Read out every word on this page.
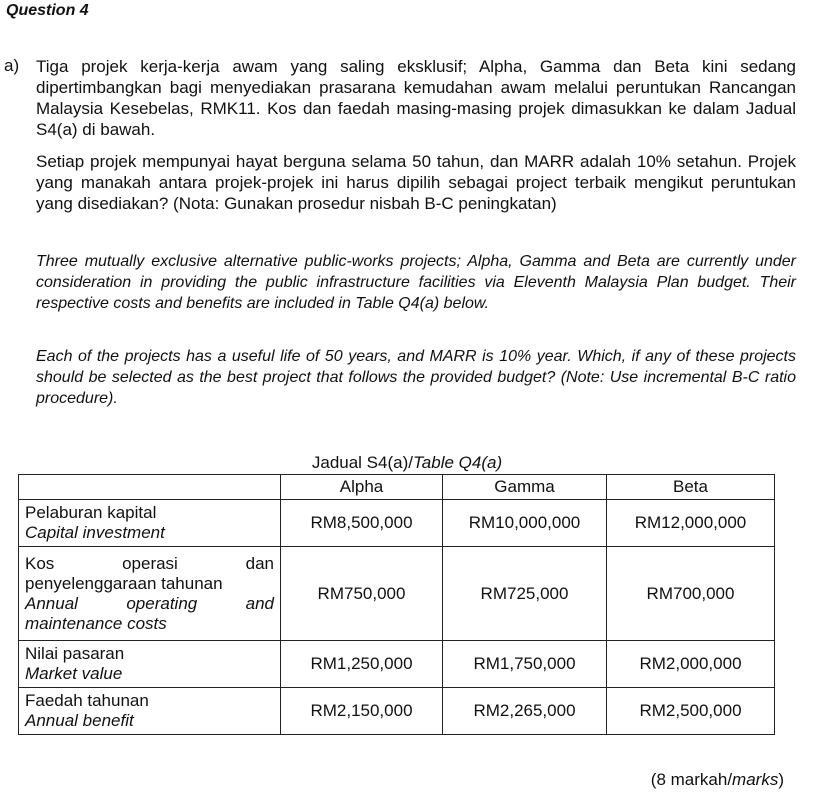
Question 4
a) Tiga projek kerja-kerja awam yang saling eksklusif; Alpha, Gamma dan Beta kini sedang dipertimbangkan bagi menyediakan prasarana kemudahan awam melalui peruntukan Rancangan Malaysia Kesebelas, RMK11. Kos dan faedah masing-masing projek dimasukkan ke dalam Jadual S4(a) di bawah.

Setiap projek mempunyai hayat berguna selama 50 tahun, dan MARR adalah 10% setahun. Projek yang manakah antara projek-projek ini harus dipilih sebagai project terbaik mengikut peruntukan yang disediakan? (Nota: Gunakan prosedur nisbah B-C peningkatan)

Three mutually exclusive alternative public-works projects; Alpha, Gamma and Beta are currently under consideration in providing the public infrastructure facilities via Eleventh Malaysia Plan budget. Their respective costs and benefits are included in Table Q4(a) below.

Each of the projects has a useful life of 50 years, and MARR is 10% year. Which, if any of these projects should be selected as the best project that follows the provided budget? (Note: Use incremental B-C ratio procedure).

Jadual S4(a)/Table Q4(a)
	Alpha	Gamma	Beta

Pelaburan kapital
Capital investment	RM8,500,000	RM10,000,000	RM12,000,000

Kos operasi dan
penyelenggaraan tahunan
Annual operating and
maintenance costs	RM750,000	RM725,000	RM700,000

Nilai pasaran
Market value	RM1,250,000	RM1,750,000	RM2,000,000

Faedah tahunan
Annual benefit	RM2,150,000	RM2,265,000	RM2,500,000
(8 markah/marks)
